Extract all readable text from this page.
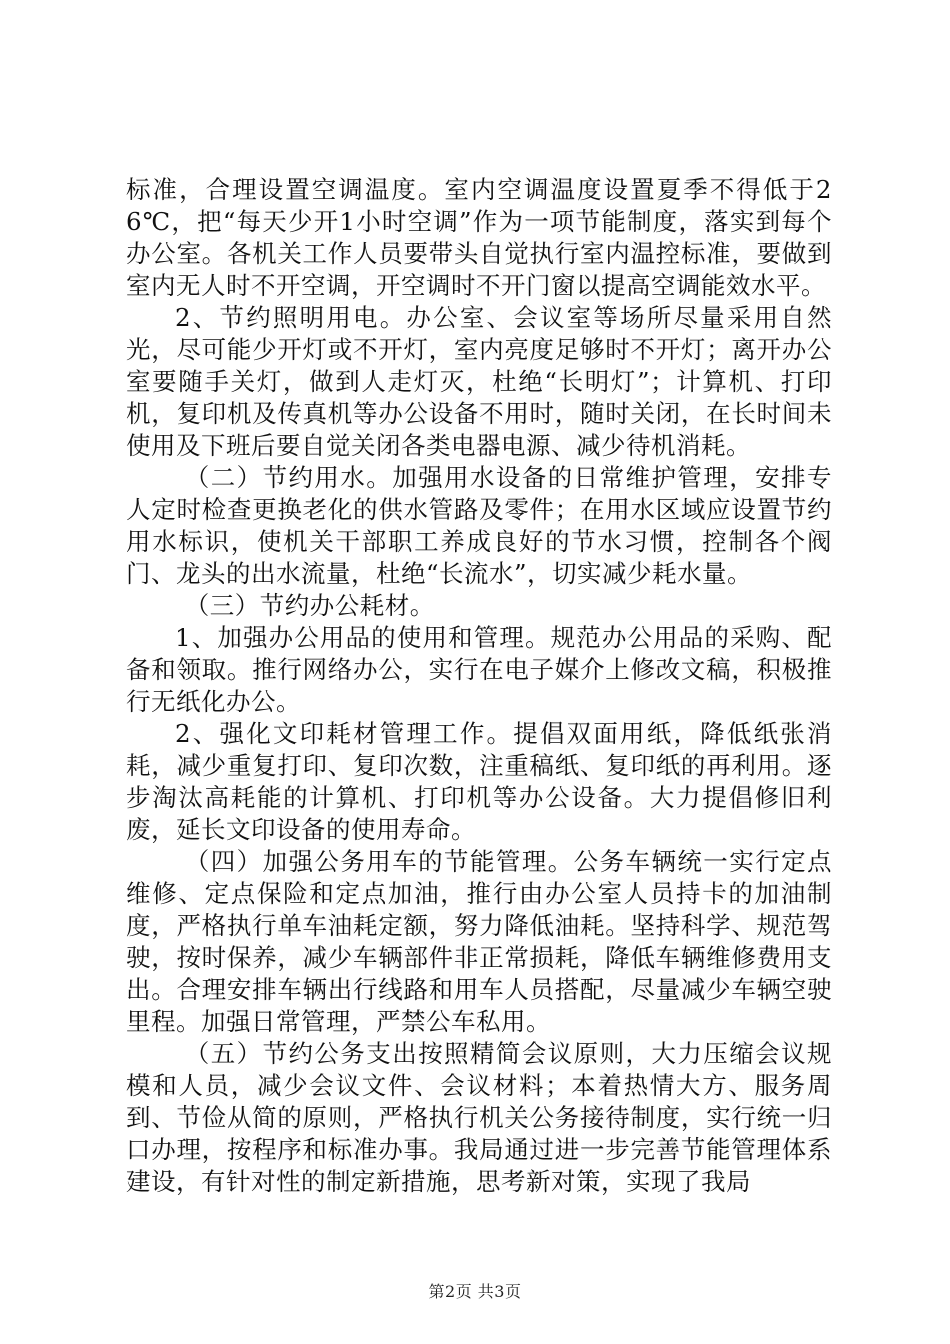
标准，合理设置空调温度。室内空调温度设置夏季不得低于26℃，把“每天少开1小时空调”作为一项节能制度，落实到每个办公室。各机关工作人员要带头自觉执行室内温控标准，要做到室内无人时不开空调，开空调时不开门窗以提高空调能效水平。

2、节约照明用电。办公室、会议室等场所尽量采用自然光，尽可能少开灯或不开灯，室内亮度足够时不开灯；离开办公室要随手关灯，做到人走灯灭，杜绝“长明灯”；计算机、打印机，复印机及传真机等办公设备不用时，随时关闭，在长时间未使用及下班后要自觉关闭各类电器电源、减少待机消耗。

（二）节约用水。加强用水设备的日常维护管理，安排专人定时检查更换老化的供水管路及零件；在用水区域应设置节约用水标识，使机关干部职工养成良好的节水习惯，控制各个阀门、龙头的出水流量，杜绝“长流水”，切实减少耗水量。

（三）节约办公耗材。

1、加强办公用品的使用和管理。规范办公用品的采购、配备和领取。推行网络办公，实行在电子媒介上修改文稿，积极推行无纸化办公。

2、强化文印耗材管理工作。提倡双面用纸，降低纸张消耗，减少重复打印、复印次数，注重稿纸、复印纸的再利用。逐步淘汰高耗能的计算机、打印机等办公设备。大力提倡修旧利废，延长文印设备的使用寿命。

（四）加强公务用车的节能管理。公务车辆统一实行定点维修、定点保险和定点加油，推行由办公室人员持卡的加油制度，严格执行单车油耗定额，努力降低油耗。坚持科学、规范驾驶，按时保养，减少车辆部件非正常损耗，降低车辆维修费用支出。合理安排车辆出行线路和用车人员搭配，尽量减少车辆空驶里程。加强日常管理，严禁公车私用。

（五）节约公务支出按照精简会议原则，大力压缩会议规模和人员，减少会议文件、会议材料；本着热情大方、服务周到、节俭从简的原则，严格执行机关公务接待制度，实行统一归口办理，按程序和标准办事。我局通过进一步完善节能管理体系建设，有针对性的制定新措施，思考新对策，实现了我局

第2页 共3页
